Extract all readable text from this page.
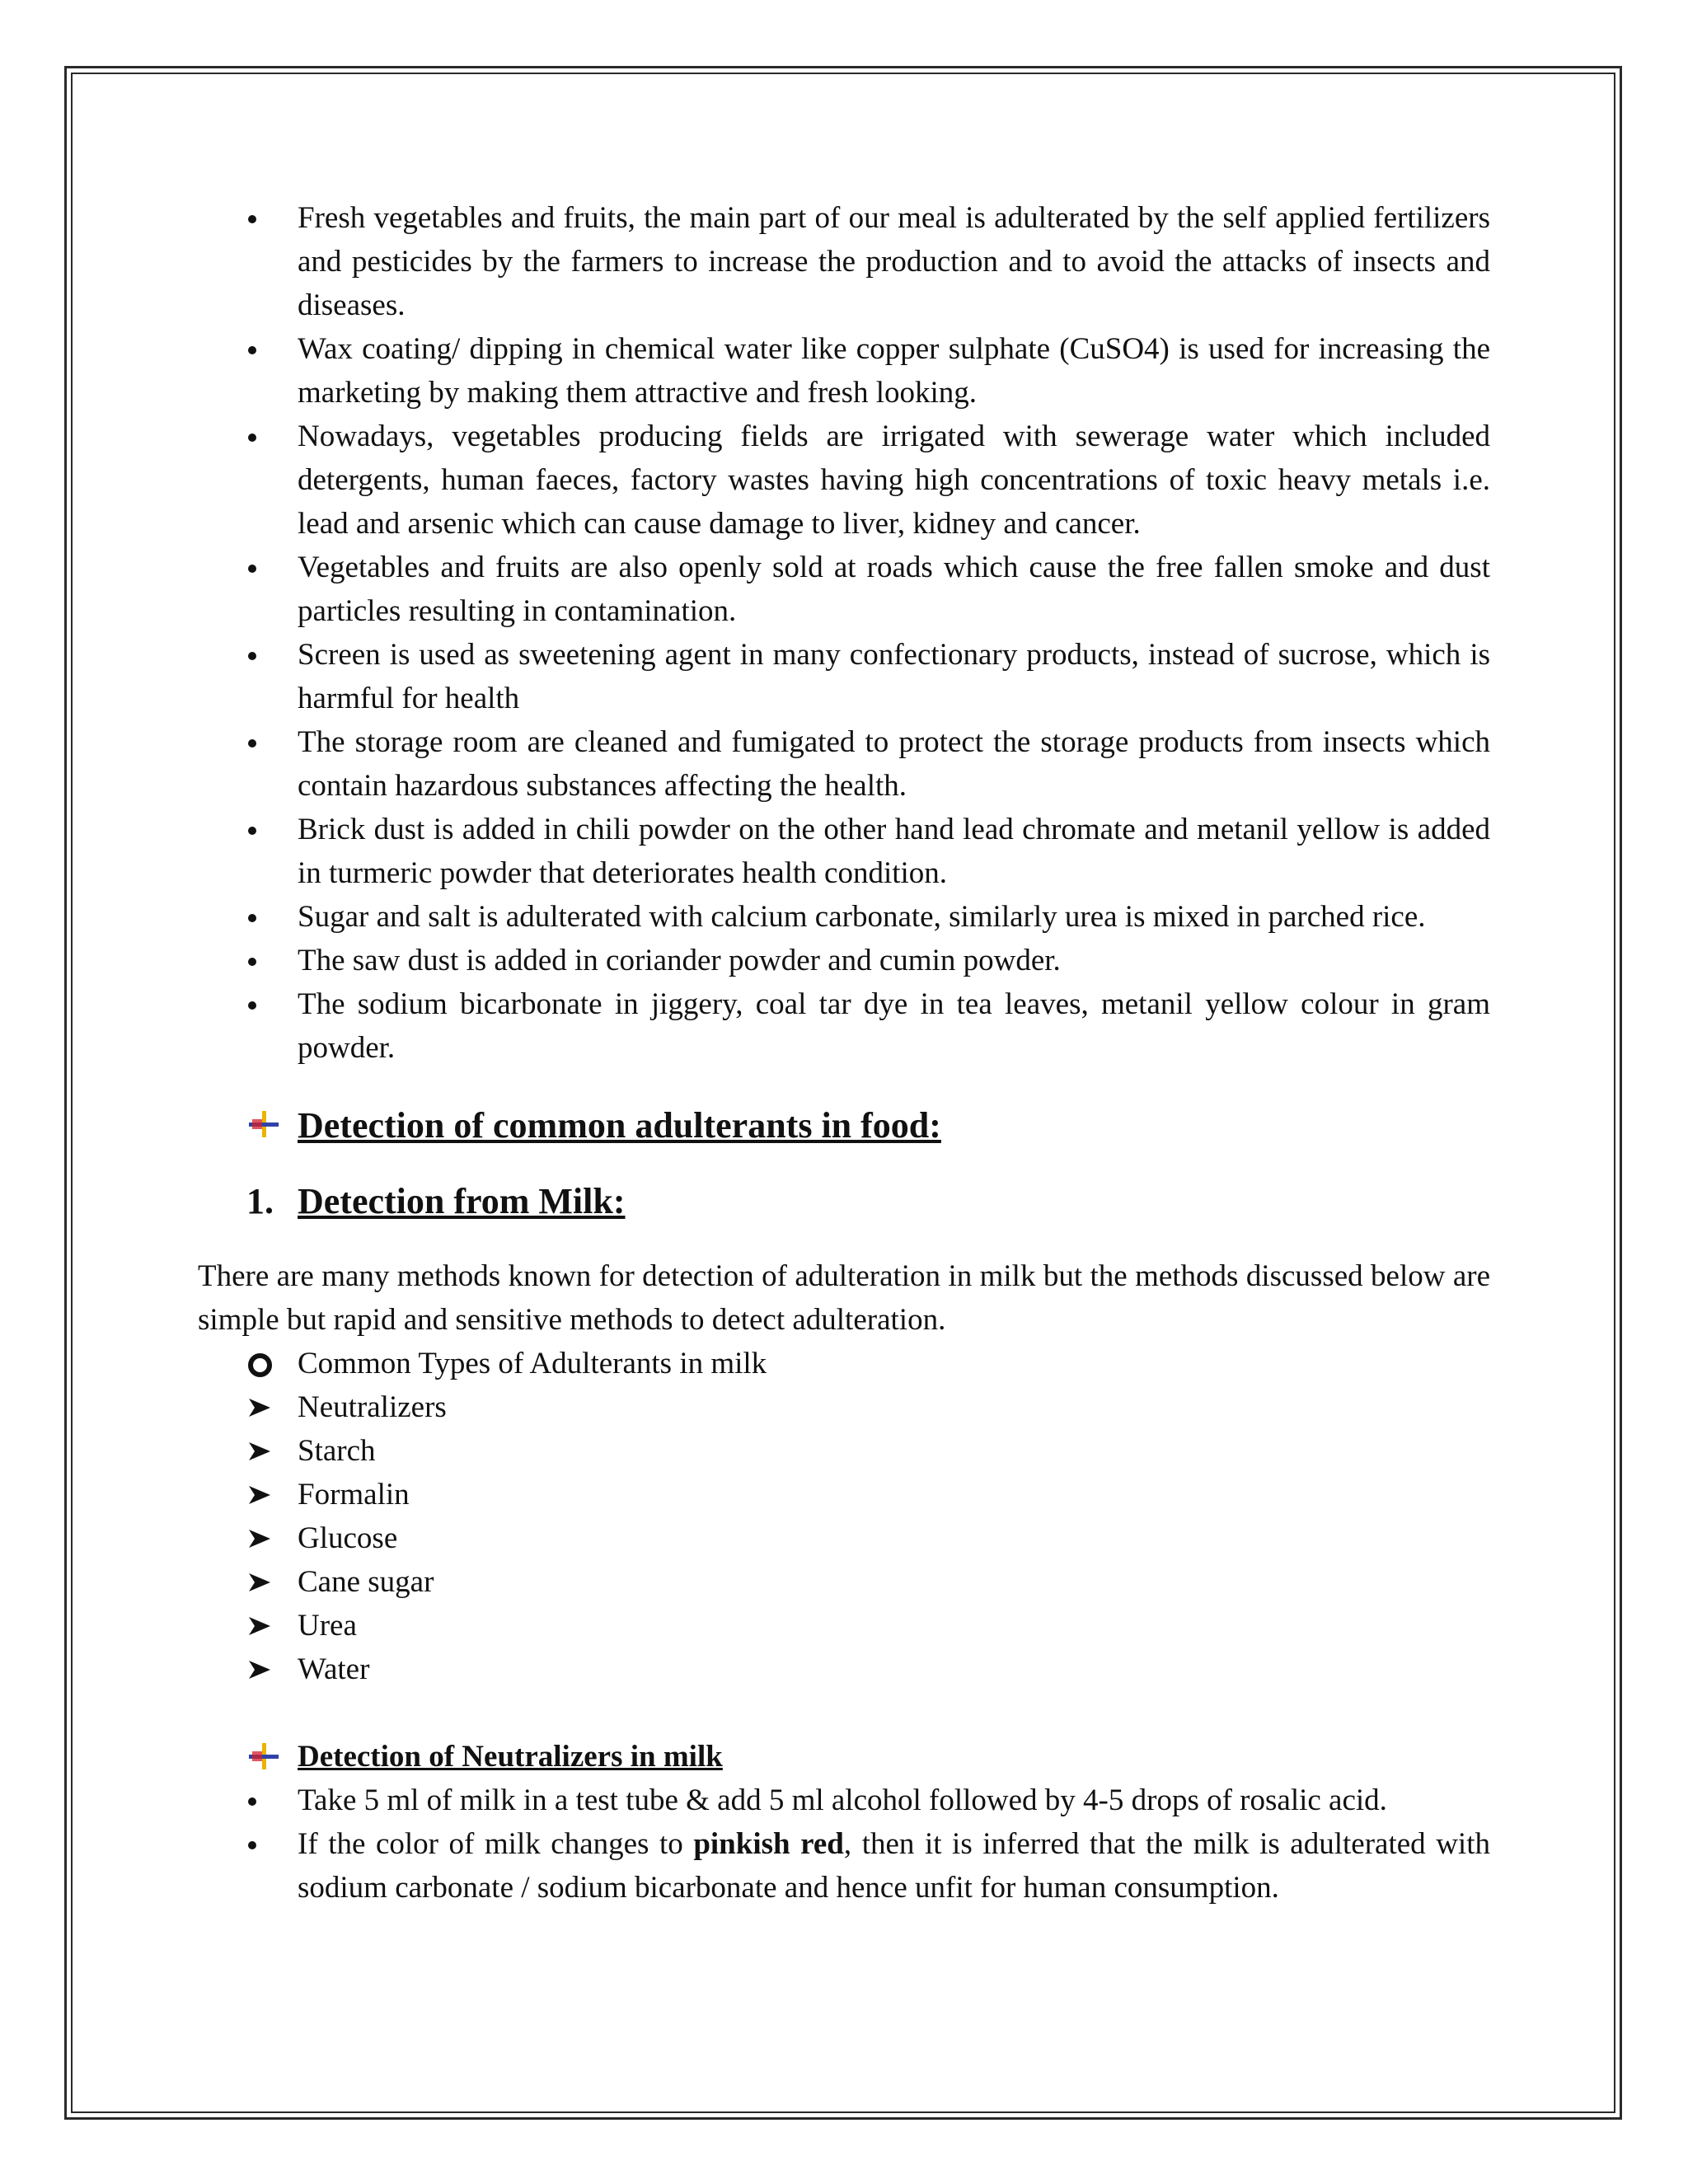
Fresh vegetables and fruits, the main part of our meal is adulterated by the self applied fertilizers and pesticides by the farmers to increase the production and to avoid the attacks of insects and diseases.
Wax coating/ dipping in chemical water like copper sulphate (CuSO4) is used for increasing the marketing by making them attractive and fresh looking.
Nowadays, vegetables producing fields are irrigated with sewerage water which included detergents, human faeces, factory wastes having high concentrations of toxic heavy metals i.e. lead and arsenic which can cause damage to liver, kidney and cancer.
Vegetables and fruits are also openly sold at roads which cause the free fallen smoke and dust particles resulting in contamination.
Screen is used as sweetening agent in many confectionary products, instead of sucrose, which is harmful for health
The storage room are cleaned and fumigated to protect the storage products from insects which contain hazardous substances affecting the health.
Brick dust is added in chili powder on the other hand lead chromate and metanil yellow is added in turmeric powder that deteriorates health condition.
Sugar and salt is adulterated with calcium carbonate, similarly urea is mixed in parched rice.
The saw dust is added in coriander powder and cumin powder.
The sodium bicarbonate in jiggery, coal tar dye in tea leaves, metanil yellow colour in gram powder.
Detection of common adulterants in food:
1. Detection from Milk:
There are many methods known for detection of adulteration in milk but the methods discussed below are simple but rapid and sensitive methods to detect adulteration.
Common Types of Adulterants in milk
Neutralizers
Starch
Formalin
Glucose
Cane sugar
Urea
Water
Detection of Neutralizers in milk
Take 5 ml of milk in a test tube & add 5 ml alcohol followed by 4-5 drops of rosalic acid.
If the color of milk changes to pinkish red, then it is inferred that the milk is adulterated with sodium carbonate / sodium bicarbonate and hence unfit for human consumption.
